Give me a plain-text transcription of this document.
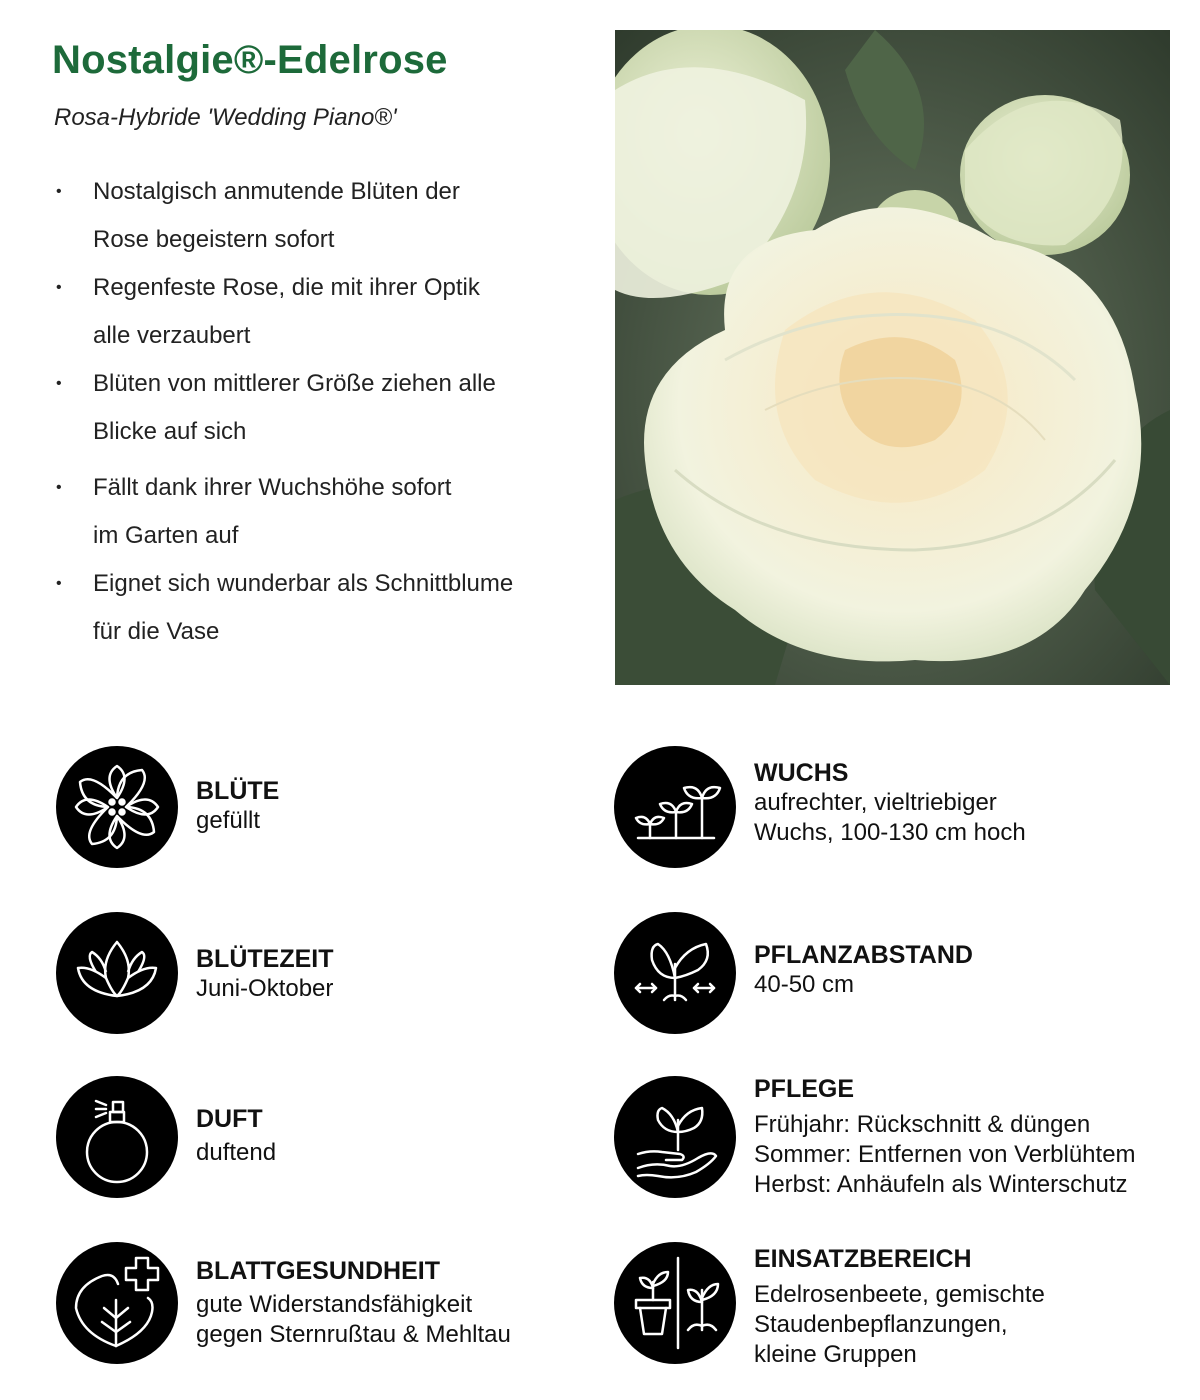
Nostalgie®-Edelrose

Rosa-Hybride 'Wedding Piano®'

• Nostalgisch anmutende Blüten der
Rose begeistern sofort
• Regenfeste Rose, die mit ihrer Optik
alle verzaubert
• Blüten von mittlerer Größe ziehen alle
Blicke auf sich
• Fällt dank ihrer Wuchshöhe sofort
im Garten auf
• Eignet sich wunderbar als Schnittblume
für die Vase
BLÜTE
gefüllt
WUCHS
aufrechter, vieltriebiger
Wuchs, 100-130 cm hoch
BLÜTEZEIT
Juni-Oktober
PFLANZABSTAND
40-50 cm
DUFT
duftend
PFLEGE
Frühjahr: Rückschnitt & düngen
Sommer: Entfernen von Verblühtem
Herbst: Anhäufeln als Winterschutz
BLATTGESUNDHEIT
gute Widerstandsfähigkeit
gegen Sternrußtau & Mehltau
EINSATZBEREICH
Edelrosenbeete, gemischte
Staudenbepflanzungen,
kleine Gruppen
